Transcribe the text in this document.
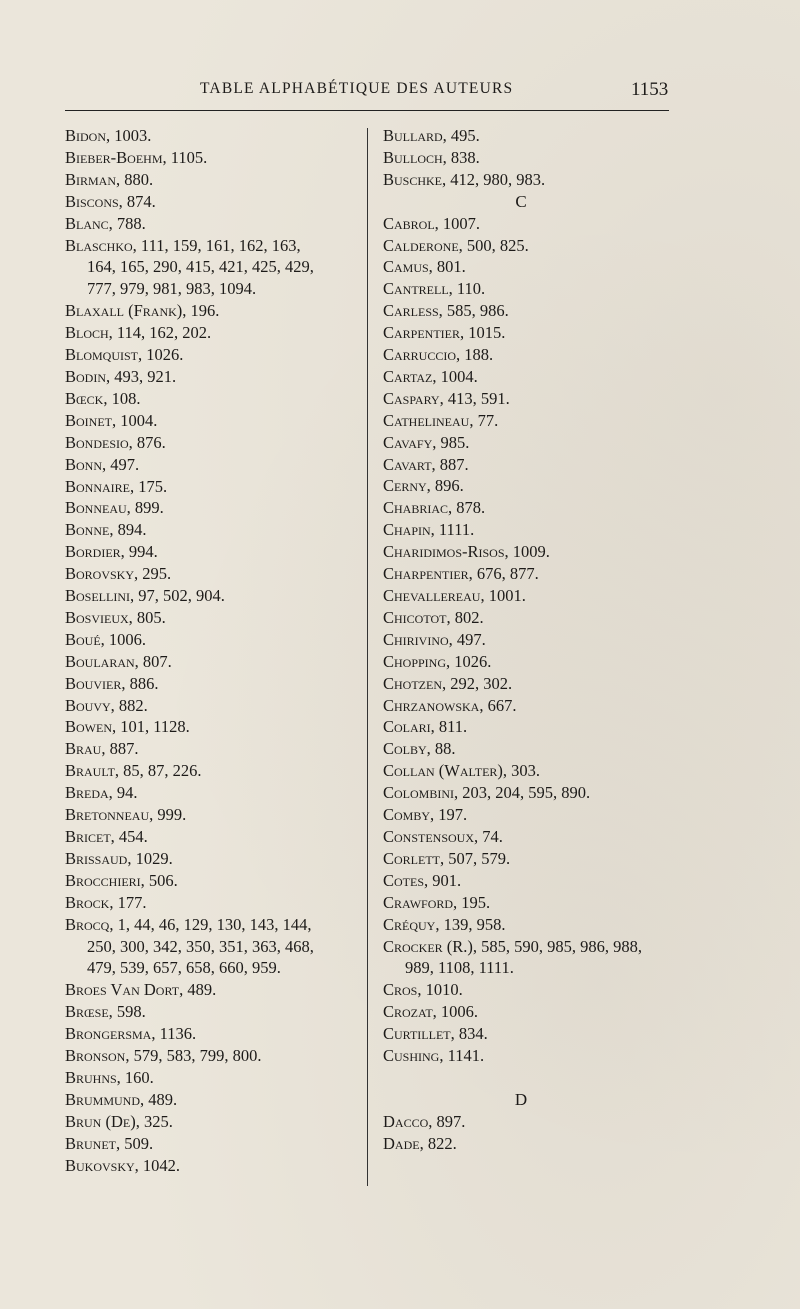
TABLE ALPHABÉTIQUE DES AUTEURS	1153
Bidon, 1003.
Bieber-Boehm, 1105.
Birman, 880.
Biscons, 874.
Blanc, 788.
Blaschko, 111, 159, 161, 162, 163,
164, 165, 290, 415, 421, 425, 429,
777, 979, 981, 983, 1094.
Blaxall (Frank), 196.
Bloch, 114, 162, 202.
Blomquist, 1026.
Bodin, 493, 921.
Bœck, 108.
Boinet, 1004.
Bondesio, 876.
Bonn, 497.
Bonnaire, 175.
Bonneau, 899.
Bonne, 894.
Bordier, 994.
Borovsky, 295.
Bosellini, 97, 502, 904.
Bosvieux, 805.
Boué, 1006.
Boularan, 807.
Bouvier, 886.
Bouvy, 882.
Bowen, 101, 1128.
Brau, 887.
Brault, 85, 87, 226.
Breda, 94.
Bretonneau, 999.
Bricet, 454.
Brissaud, 1029.
Brocchieri, 506.
Brock, 177.
Brocq, 1, 44, 46, 129, 130, 143, 144,
250, 300, 342, 350, 351, 363, 468,
479, 539, 657, 658, 660, 959.
Broes Van Dort, 489.
Brœse, 598.
Brongersma, 1136.
Bronson, 579, 583, 799, 800.
Bruhns, 160.
Brummund, 489.
Brun (De), 325.
Brunet, 509.
Bukovsky, 1042.
Bullard, 495.
Bulloch, 838.
Buschke, 412, 980, 983.
C
Cabrol, 1007.
Calderone, 500, 825.
Camus, 801.
Cantrell, 110.
Carless, 585, 986.
Carpentier, 1015.
Carruccio, 188.
Cartaz, 1004.
Caspary, 413, 591.
Cathelineau, 77.
Cavafy, 985.
Cavart, 887.
Cerny, 896.
Chabriac, 878.
Chapin, 1111.
Charidimos-Risos, 1009.
Charpentier, 676, 877.
Chevallereau, 1001.
Chicotot, 802.
Chirivino, 497.
Chopping, 1026.
Chotzen, 292, 302.
Chrzanowska, 667.
Colari, 811.
Colby, 88.
Collan (Walter), 303.
Colombini, 203, 204, 595, 890.
Comby, 197.
Constensoux, 74.
Corlett, 507, 579.
Cotes, 901.
Crawford, 195.
Créquy, 139, 958.
Crocker (R.), 585, 590, 985, 986, 988,
989, 1108, 1111.
Cros, 1010.
Crozat, 1006.
Curtillet, 834.
Cushing, 1141.
D
Dacco, 897.
Dade, 822.
